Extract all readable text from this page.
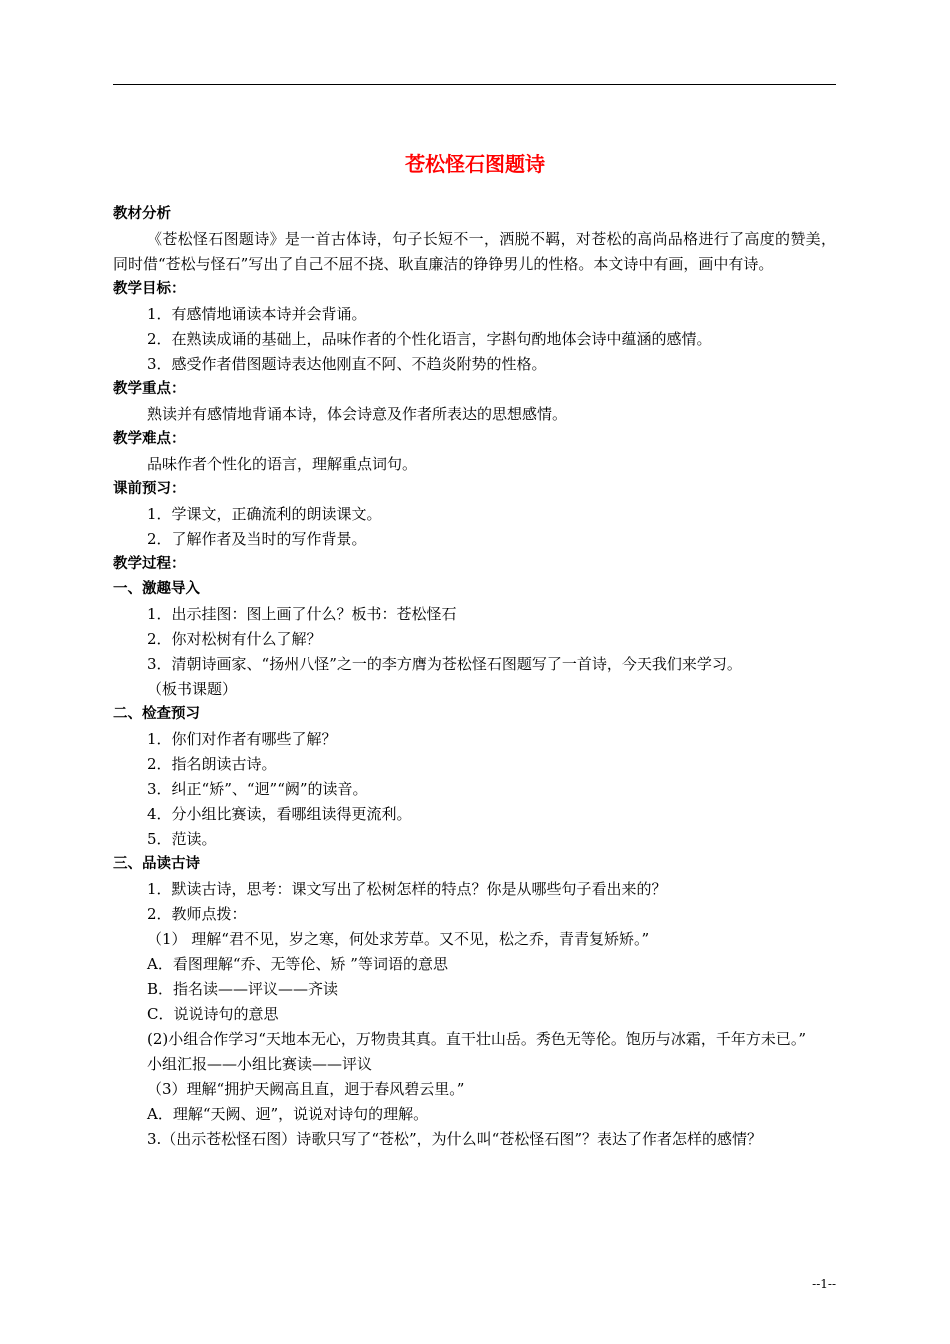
苍松怪石图题诗
教材分析
《苍松怪石图题诗》是一首古体诗，句子长短不一，洒脱不羁，对苍松的高尚品格进行了高度的赞美，同时借“苍松与怪石”写出了自己不屈不挠、耿直廉洁的铮铮男儿的性格。本文诗中有画，画中有诗。
教学目标：
1．有感情地诵读本诗并会背诵。
2．在熟读成诵的基础上，品味作者的个性化语言，字斟句酌地体会诗中蕴涵的感情。
3．感受作者借图题诗表达他刚直不阿、不趋炎附势的性格。
教学重点：
熟读并有感情地背诵本诗，体会诗意及作者所表达的思想感情。
教学难点：
品味作者个性化的语言，理解重点词句。
课前预习：
1．学课文，正确流利的朗读课文。
2．了解作者及当时的写作背景。
教学过程：
一、激趣导入
1．出示挂图：图上画了什么？板书：苍松怪石
2．你对松树有什么了解？
3．清朝诗画家、“扬州八怪”之一的李方膺为苍松怪石图题写了一首诗，今天我们来学习。
（板书课题）
二、检查预习
1．你们对作者有哪些了解？
2．指名朗读古诗。
3．纠正“矫”、“迥”“阙”的读音。
4．分小组比赛读，看哪组读得更流利。
5．范读。
三、品读古诗
1．默读古诗，思考：课文写出了松树怎样的特点？你是从哪些句子看出来的？
2．教师点拨：
（1） 理解“君不见，岁之寒，何处求芳草。又不见，松之乔，青青复矫矫。”
A．看图理解“乔、无等伦、矫 ”等词语的意思
B．指名读——评议——齐读
C．说说诗句的意思
(2)小组合作学习“天地本无心，万物贵其真。直干壮山岳。秀色无等伦。饱历与冰霜，千年方未已。”
小组汇报——小组比赛读——评议
（3）理解“拥护天阙高且直，迥于春风碧云里。”
A．理解“天阙、迥”，说说对诗句的理解。
3.（出示苍松怪石图）诗歌只写了“苍松”，为什么叫“苍松怪石图”？表达了作者怎样的感情？
--1--
